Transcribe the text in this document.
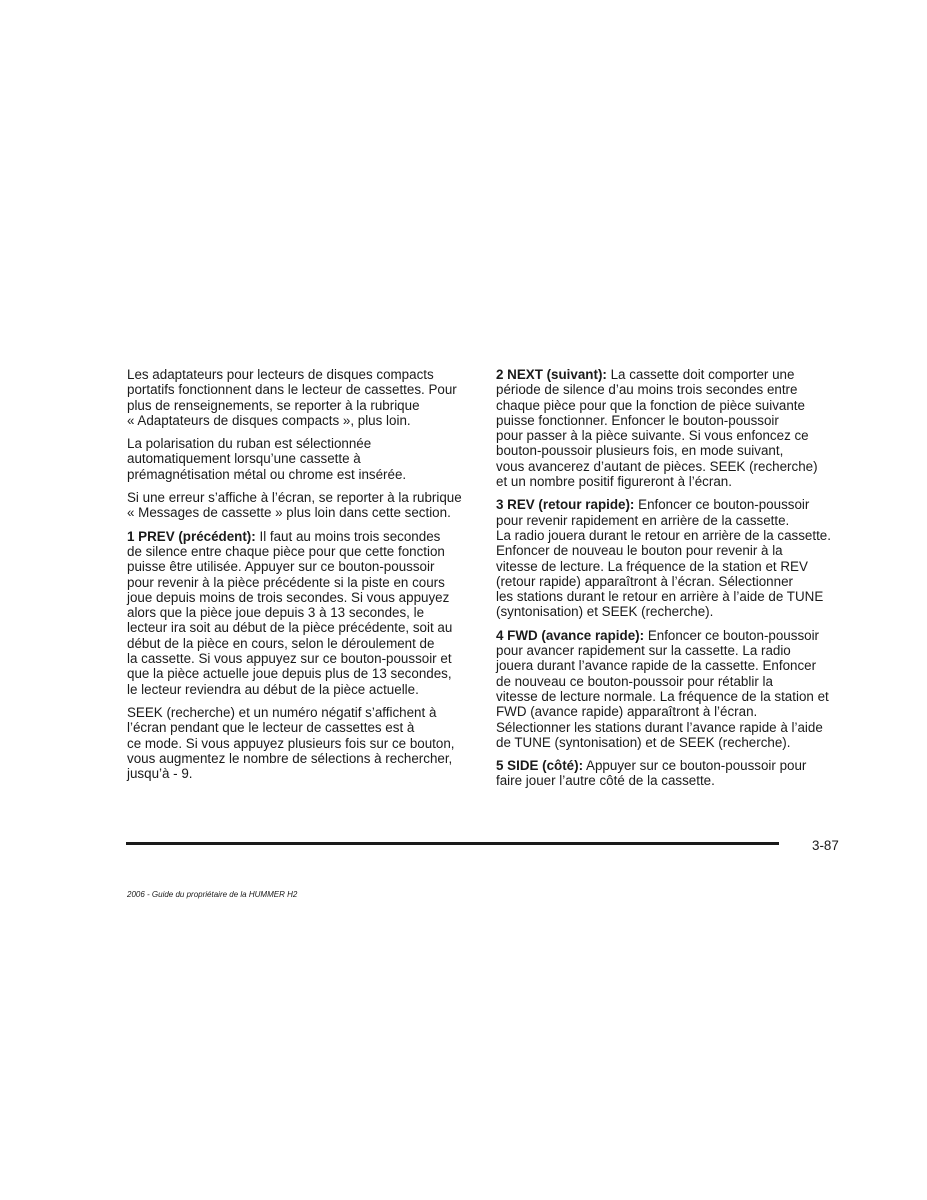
Les adaptateurs pour lecteurs de disques compacts
portatifs fonctionnent dans le lecteur de cassettes. Pour
plus de renseignements, se reporter à la rubrique
« Adaptateurs de disques compacts », plus loin.

La polarisation du ruban est sélectionnée
automatiquement lorsqu’une cassette à
prémagnétisation métal ou chrome est insérée.

Si une erreur s’affiche à l’écran, se reporter à la rubrique
« Messages de cassette » plus loin dans cette section.

1 PREV (précédent): Il faut au moins trois secondes
de silence entre chaque pièce pour que cette fonction
puisse être utilisée. Appuyer sur ce bouton-poussoir
pour revenir à la pièce précédente si la piste en cours
joue depuis moins de trois secondes. Si vous appuyez
alors que la pièce joue depuis 3 à 13 secondes, le
lecteur ira soit au début de la pièce précédente, soit au
début de la pièce en cours, selon le déroulement de
la cassette. Si vous appuyez sur ce bouton-poussoir et
que la pièce actuelle joue depuis plus de 13 secondes,
le lecteur reviendra au début de la pièce actuelle.

SEEK (recherche) et un numéro négatif s’affichent à
l’écran pendant que le lecteur de cassettes est à
ce mode. Si vous appuyez plusieurs fois sur ce bouton,
vous augmentez le nombre de sélections à rechercher,
jusqu’à - 9.

2 NEXT (suivant): La cassette doit comporter une
période de silence d’au moins trois secondes entre
chaque pièce pour que la fonction de pièce suivante
puisse fonctionner. Enfoncer le bouton-poussoir
pour passer à la pièce suivante. Si vous enfoncez ce
bouton-poussoir plusieurs fois, en mode suivant,
vous avancerez d’autant de pièces. SEEK (recherche)
et un nombre positif figureront à l’écran.

3 REV (retour rapide): Enfoncer ce bouton-poussoir
pour revenir rapidement en arrière de la cassette.
La radio jouera durant le retour en arrière de la cassette.
Enfoncer de nouveau le bouton pour revenir à la
vitesse de lecture. La fréquence de la station et REV
(retour rapide) apparaîtront à l’écran. Sélectionner
les stations durant le retour en arrière à l’aide de TUNE
(syntonisation) et SEEK (recherche).

4 FWD (avance rapide): Enfoncer ce bouton-poussoir
pour avancer rapidement sur la cassette. La radio
jouera durant l’avance rapide de la cassette. Enfoncer
de nouveau ce bouton-poussoir pour rétablir la
vitesse de lecture normale. La fréquence de la station et
FWD (avance rapide) apparaîtront à l’écran.
Sélectionner les stations durant l’avance rapide à l’aide
de TUNE (syntonisation) et de SEEK (recherche).

5 SIDE (côté): Appuyer sur ce bouton-poussoir pour
faire jouer l’autre côté de la cassette.

3-87
2006 - Guide du propriétaire de la HUMMER H2
